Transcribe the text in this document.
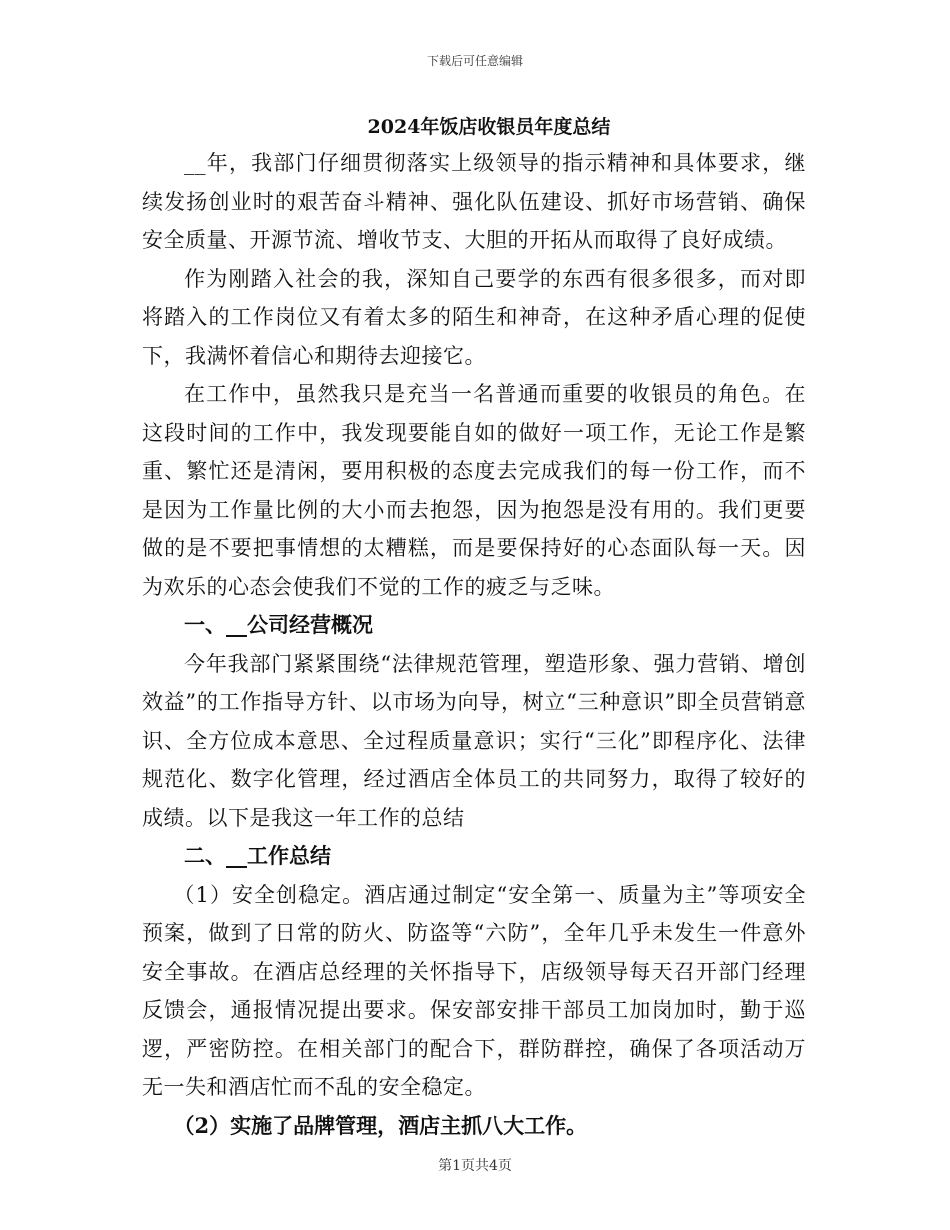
下载后可任意编辑
2024年饭店收银员年度总结

__年，我部门仔细贯彻落实上级领导的指示精神和具体要求，继续发扬创业时的艰苦奋斗精神、强化队伍建设、抓好市场营销、确保安全质量、开源节流、增收节支、大胆的开拓从而取得了良好成绩。

作为刚踏入社会的我，深知自己要学的东西有很多很多，而对即将踏入的工作岗位又有着太多的陌生和神奇，在这种矛盾心理的促使下，我满怀着信心和期待去迎接它。

在工作中，虽然我只是充当一名普通而重要的收银员的角色。在这段时间的工作中，我发现要能自如的做好一项工作，无论工作是繁重、繁忙还是清闲，要用积极的态度去完成我们的每一份工作，而不是因为工作量比例的大小而去抱怨，因为抱怨是没有用的。我们更要做的是不要把事情想的太糟糕，而是要保持好的心态面队每一天。因为欢乐的心态会使我们不觉的工作的疲乏与乏味。

一、__公司经营概况

今年我部门紧紧围绕“法律规范管理，塑造形象、强力营销、增创效益”的工作指导方针、以市场为向导，树立“三种意识”即全员营销意识、全方位成本意思、全过程质量意识；实行“三化”即程序化、法律规范化、数字化管理，经过酒店全体员工的共同努力，取得了较好的成绩。以下是我这一年工作的总结

二、__工作总结

（1）安全创稳定。酒店通过制定“安全第一、质量为主”等项安全预案，做到了日常的防火、防盗等“六防”，全年几乎未发生一件意外安全事故。在酒店总经理的关怀指导下，店级领导每天召开部门经理反馈会，通报情况提出要求。保安部安排干部员工加岗加时，勤于巡逻，严密防控。在相关部门的配合下，群防群控，确保了各项活动万无一失和酒店忙而不乱的安全稳定。

（2）实施了品牌管理，酒店主抓八大工作。

第1页共4页
